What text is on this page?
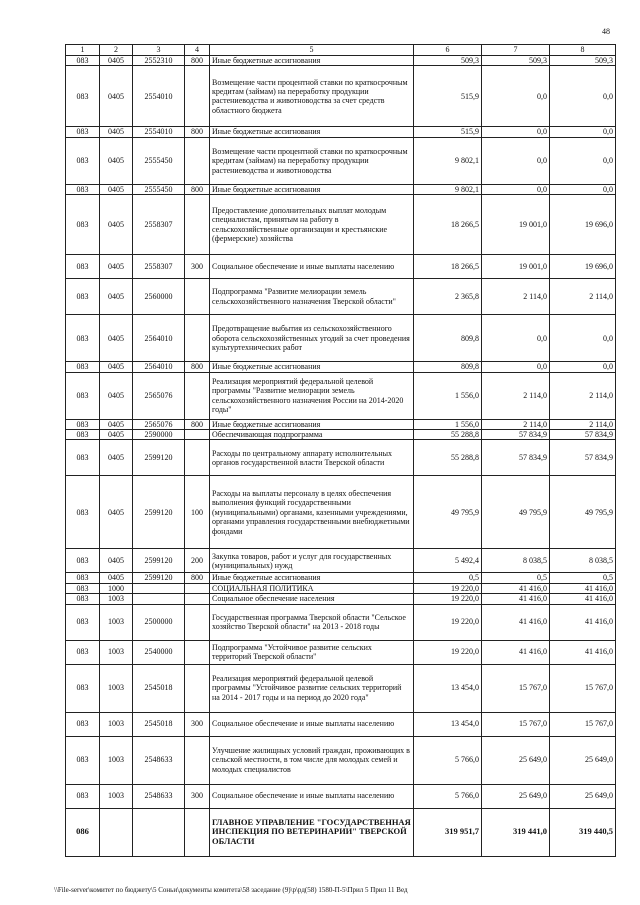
48
1	2	3	4	5	6	7	8
083	0405	2552310	800	Иные бюджетные ассигнования	509,3	509,3	509,3
083	0405	2554010		Возмещение части процентной ставки по краткосрочным кредитам (займам) на переработку продукции растениеводства и животноводства за счет средств областного бюджета	515,9	0,0	0,0
083	0405	2554010	800	Иные бюджетные ассигнования	515,9	0,0	0,0
083	0405	2555450		Возмещение части процентной ставки по краткосрочным кредитам (займам) на переработку продукции растениеводства и животноводства	9 802,1	0,0	0,0
083	0405	2555450	800	Иные бюджетные ассигнования	9 802,1	0,0	0,0
083	0405	2558307		Предоставление дополнительных выплат молодым специалистам, принятым на работу в сельскохозяйственные организации и крестьянские (фермерские) хозяйства	18 266,5	19 001,0	19 696,0
083	0405	2558307	300	Социальное обеспечение и иные выплаты населению	18 266,5	19 001,0	19 696,0
083	0405	2560000		Подпрограмма "Развитие мелиорации земель сельскохозяйственного назначения Тверской области"	2 365,8	2 114,0	2 114,0
083	0405	2564010		Предотвращение выбытия из сельскохозяйственного оборота сельскохозяйственных угодий за счет проведения культуртехнических работ	809,8	0,0	0,0
083	0405	2564010	800	Иные бюджетные ассигнования	809,8	0,0	0,0
083	0405	2565076		Реализация мероприятий федеральной целевой программы "Развитие мелиорации земель сельскохозяйственного назначения России на 2014-2020 годы"	1 556,0	2 114,0	2 114,0
083	0405	2565076	800	Иные бюджетные ассигнования	1 556,0	2 114,0	2 114,0
083	0405	2590000		Обеспечивающая подпрограмма	55 288,8	57 834,9	57 834,9
083	0405	2599120		Расходы по центральному аппарату исполнительных органов государственной власти Тверской области	55 288,8	57 834,9	57 834,9
083	0405	2599120	100	Расходы на выплаты персоналу в целях обеспечения выполнения функций государственными (муниципальными) органами, казенными учреждениями, органами управления государственными внебюджетными фондами	49 795,9	49 795,9	49 795,9
083	0405	2599120	200	Закупка товаров, работ и услуг для государственных (муниципальных) нужд	5 492,4	8 038,5	8 038,5
083	0405	2599120	800	Иные бюджетные ассигнования	0,5	0,5	0,5
083	1000			СОЦИАЛЬНАЯ ПОЛИТИКА	19 220,0	41 416,0	41 416,0
083	1003			Социальное обеспечение населения	19 220,0	41 416,0	41 416,0
083	1003	2500000		Государственная программа Тверской области "Сельское хозяйство Тверской области" на 2013 - 2018 годы	19 220,0	41 416,0	41 416,0
083	1003	2540000		Подпрограмма "Устойчивое развитие сельских территорий Тверской области"	19 220,0	41 416,0	41 416,0
083	1003	2545018		Реализация мероприятий федеральной целевой программы "Устойчивое развитие сельских территорий на 2014 - 2017 годы и на период до 2020 года"	13 454,0	15 767,0	15 767,0
083	1003	2545018	300	Социальное обеспечение и иные выплаты населению	13 454,0	15 767,0	15 767,0
083	1003	2548633		Улучшение жилищных условий граждан, проживающих в сельской местности, в том числе для молодых семей и молодых специалистов	5 766,0	25 649,0	25 649,0
083	1003	2548633	300	Социальное обеспечение и иные выплаты населению	5 766,0	25 649,0	25 649,0
086				ГЛАВНОЕ УПРАВЛЕНИЕ "ГОСУДАРСТВЕННАЯ ИНСПЕКЦИЯ ПО ВЕТЕРИНАРИИ" ТВЕРСКОЙ ОБЛАСТИ	319 951,7	319 441,0	319 440,5
\\File-server\комитет по бюджету\5 Соньи\документы комитета\58 заседание (9)\р\рд(58) 1580-П-5\Прил 5 Прил 11 Вед
